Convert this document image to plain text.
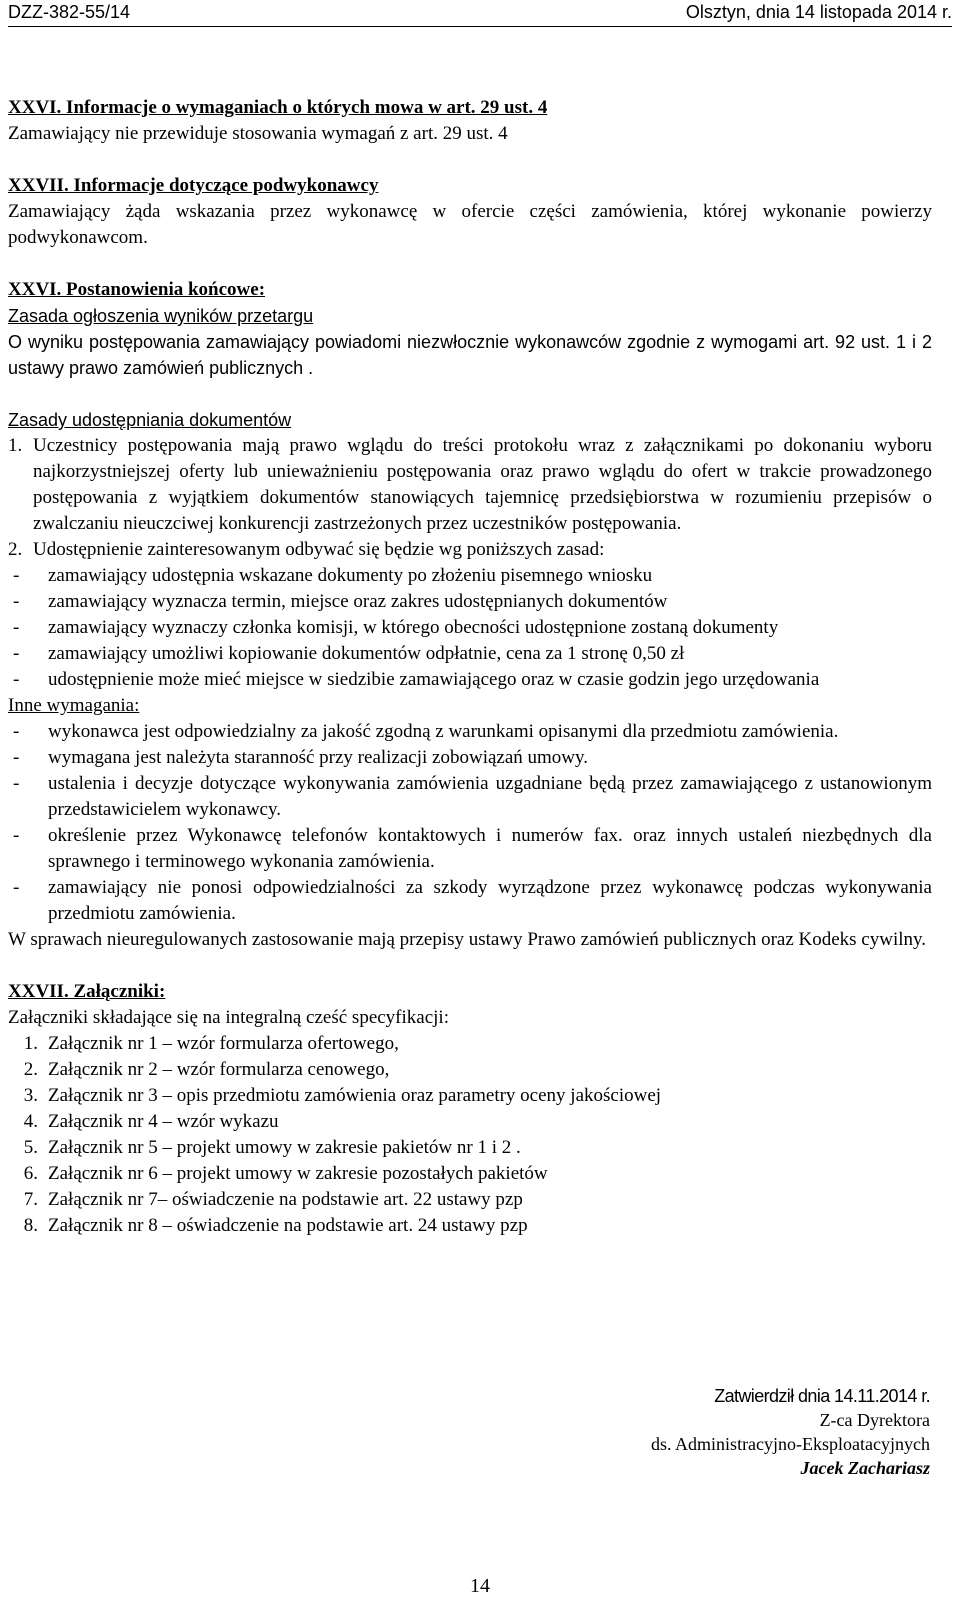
DZZ-382-55/14	Olsztyn, dnia 14 listopada 2014 r.
XXVI. Informacje o wymaganiach o których mowa w art. 29 ust. 4
Zamawiający nie przewiduje stosowania wymagań z art. 29 ust. 4
XXVII. Informacje dotyczące podwykonawcy
Zamawiający żąda wskazania przez wykonawcę w ofercie części zamówienia, której wykonanie powierzy podwykonawcom.
XXVI. Postanowienia końcowe:
Zasada ogłoszenia wyników przetargu
O wyniku postępowania zamawiający powiadomi niezwłocznie wykonawców zgodnie z wymogami art. 92 ust. 1 i 2 ustawy prawo zamówień publicznych .
Zasady udostępniania dokumentów
1. Uczestnicy postępowania mają prawo wglądu do treści protokołu wraz z załącznikami po dokonaniu wyboru najkorzystniejszej oferty lub unieważnieniu postępowania oraz prawo wglądu do ofert w trakcie prowadzonego postępowania z wyjątkiem dokumentów stanowiących tajemnicę przedsiębiorstwa w rozumieniu przepisów o zwalczaniu nieuczciwej konkurencji zastrzeżonych przez uczestników postępowania.
2. Udostępnienie zainteresowanym odbywać się będzie wg poniższych zasad:
- zamawiający udostępnia wskazane dokumenty po złożeniu pisemnego wniosku
- zamawiający wyznacza termin, miejsce oraz zakres udostępnianych dokumentów
- zamawiający wyznaczy członka komisji, w którego obecności udostępnione zostaną dokumenty
- zamawiający umożliwi kopiowanie dokumentów odpłatnie, cena za 1 stronę 0,50 zł
- udostępnienie może mieć miejsce w siedzibie zamawiającego oraz w czasie godzin jego urzędowania
Inne wymagania:
- wykonawca jest odpowiedzialny za jakość zgodną z warunkami opisanymi dla przedmiotu zamówienia.
- wymagana jest należyta staranność przy realizacji zobowiązań umowy.
- ustalenia i decyzje dotyczące wykonywania zamówienia uzgadniane będą przez zamawiającego z ustanowionym przedstawicielem wykonawcy.
- określenie przez Wykonawcę telefonów kontaktowych i numerów fax. oraz innych ustaleń niezbędnych dla sprawnego i terminowego wykonania zamówienia.
- zamawiający nie ponosi odpowiedzialności za szkody wyrządzone przez wykonawcę podczas wykonywania przedmiotu zamówienia.
W sprawach nieuregulowanych zastosowanie mają przepisy ustawy Prawo zamówień publicznych oraz Kodeks cywilny.
XXVII. Załączniki:
Załączniki składające się na integralną cześć specyfikacji:
1. Załącznik nr 1 – wzór formularza ofertowego,
2. Załącznik nr 2 – wzór formularza cenowego,
3. Załącznik nr 3 – opis przedmiotu zamówienia oraz parametry oceny jakościowej
4. Załącznik nr 4 – wzór wykazu
5. Załącznik nr 5 – projekt umowy w zakresie pakietów nr 1 i 2 .
6. Załącznik nr 6 – projekt umowy w zakresie pozostałych pakietów
7. Załącznik nr 7– oświadczenie na podstawie art. 22 ustawy pzp
8. Załącznik nr 8 – oświadczenie na podstawie art. 24 ustawy pzp
Zatwierdził dnia 14.11.2014 r.
Z-ca Dyrektora
ds. Administracyjno-Eksploatacyjnych
Jacek Zachariasz
14
